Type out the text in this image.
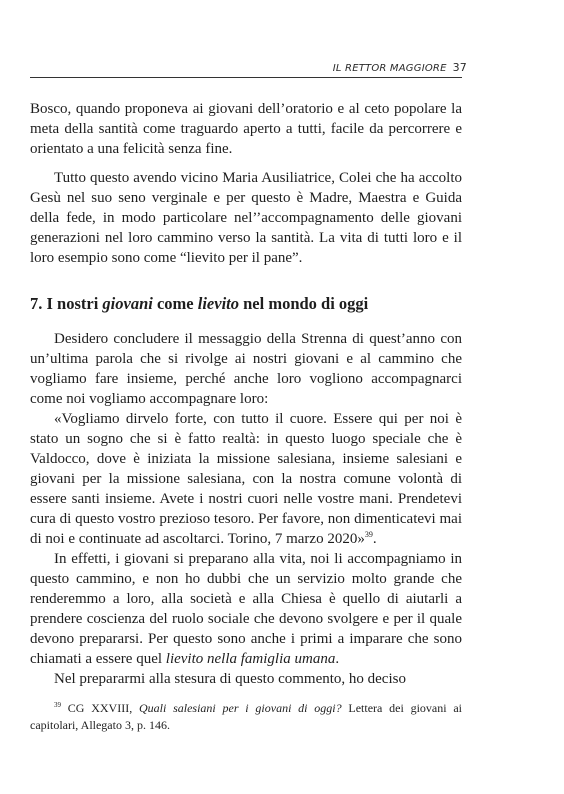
IL RETTOR MAGGIORE 37

Bosco, quando proponeva ai giovani dell’oratorio e al ceto popolare la meta della santità come traguardo aperto a tutti, facile da percorrere e orientato a una felicità senza fine.

Tutto questo avendo vicino Maria Ausiliatrice, Colei che ha accolto Gesù nel suo seno verginale e per questo è Madre, Maestra e Guida della fede, in modo particolare nel’’accompagnamento delle giovani generazioni nel loro cammino verso la santità. La vita di tutti loro e il loro esempio sono come “lievito per il pane”.

7. I nostri giovani come lievito nel mondo di oggi

Desidero concludere il messaggio della Strenna di quest’anno con un’ultima parola che si rivolge ai nostri giovani e al cammino che vogliamo fare insieme, perché anche loro vogliono accompagnarci come noi vogliamo accompagnare loro:

«Vogliamo dirvelo forte, con tutto il cuore. Essere qui per noi è stato un sogno che si è fatto realtà: in questo luogo speciale che è Valdocco, dove è iniziata la missione salesiana, insieme salesiani e giovani per la missione salesiana, con la nostra comune volontà di essere santi insieme. Avete i nostri cuori nelle vostre mani. Prendetevi cura di questo vostro prezioso tesoro. Per favore, non dimenticatevi mai di noi e continuate ad ascoltarci. Torino, 7 marzo 2020»$^{39}$.

In effetti, i giovani si preparano alla vita, noi li accompagniamo in questo cammino, e non ho dubbi che un servizio molto grande che renderemmo a loro, alla società e alla Chiesa è quello di aiutarli a prendere coscienza del ruolo sociale che devono svolgere e per il quale devono prepararsi. Per questo sono anche i primi a imparare che sono chiamati a essere quel lievito nella famiglia umana.

Nel prepararmi alla stesura di questo commento, ho deciso

$^{39}$ CG XXVIII, Quali salesiani per i giovani di oggi? Lettera dei giovani ai capitolari, Allegato 3, p. 146.
